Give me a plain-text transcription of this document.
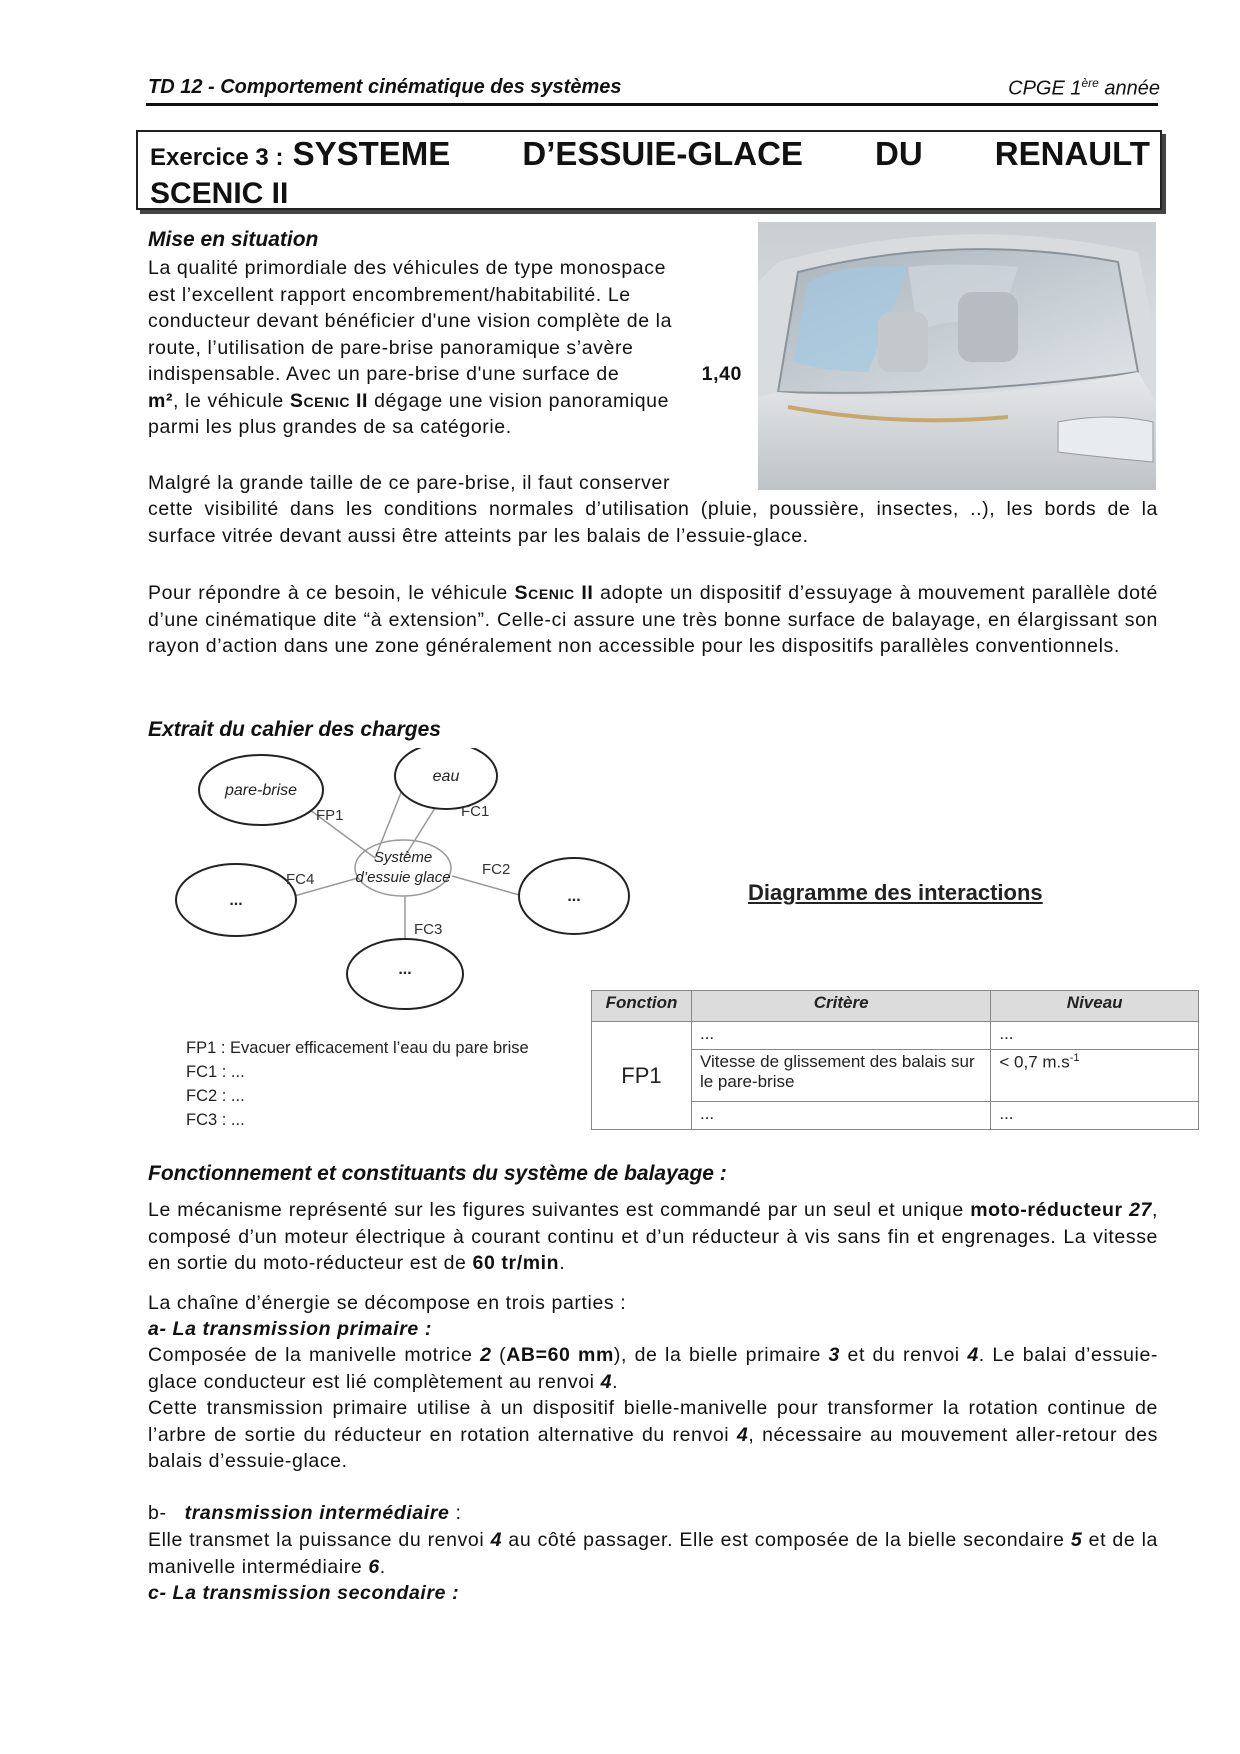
TD 12 - Comportement cinématique des systèmes	CPGE 1ère année
Exercice 3 : SYSTEME D’ESSUIE-GLACE DU RENAULT
SCENIC II
Mise en situation
La qualité primordiale des véhicules de type monospace
est l’excellent rapport encombrement/habitabilité. Le
conducteur devant bénéficier d'une vision complète de la
route, l’utilisation de pare-brise panoramique s’avère
indispensable. Avec un pare-brise d'une surface de	1,40
m², le véhicule Scenic II dégage une vision panoramique
parmi les plus grandes de sa catégorie.
Malgré la grande taille de ce pare-brise, il faut conserver
cette visibilité dans les conditions normales d’utilisation (pluie, poussière, insectes, ..), les bords de la surface vitrée devant aussi être atteints par les balais de l’essuie-glace.
Pour répondre à ce besoin, le véhicule Scenic II adopte un dispositif d’essuyage à mouvement parallèle doté d’une cinématique dite “à extension”. Celle-ci assure une très bonne surface de balayage, en élargissant son rayon d’action dans une zone généralement non accessible pour les dispositifs parallèles conventionnels.
Extrait du cahier des charges
pare-brise
eau
Système
d’essuie glace
...	...
...
FP1	FC1
FC2
FC3
FC4
Diagramme des interactions
FP1 : Evacuer efficacement l’eau du pare brise
FC1 : ...
FC2 : ...
FC3 : ...
Fonction	Critère	Niveau
FP1	...	...
	Vitesse de glissement des balais sur le pare-brise	< 0,7 $m.s^{-1}$
	...	...
Fonctionnement et constituants du système de balayage :
Le mécanisme représenté sur les figures suivantes est commandé par un seul et unique moto-réducteur 27, composé d’un moteur électrique à courant continu et d’un réducteur à vis sans fin et engrenages. La vitesse en sortie du moto-réducteur est de 60 tr/min.
La chaîne d’énergie se décompose en trois parties :
a- La transmission primaire :
Composée de la manivelle motrice 2 (AB=60 mm), de la bielle primaire 3 et du renvoi 4. Le balai d’essuie-glace conducteur est lié complètement au renvoi 4.
Cette transmission primaire utilise à un dispositif bielle-manivelle pour transformer la rotation continue de l’arbre de sortie du réducteur en rotation alternative du renvoi 4, nécessaire au mouvement aller-retour des balais d’essuie-glace.
b- transmission intermédiaire :
Elle transmet la puissance du renvoi 4 au côté passager. Elle est composée de la bielle secondaire 5 et de la manivelle intermédiaire 6.
c- La transmission secondaire :
